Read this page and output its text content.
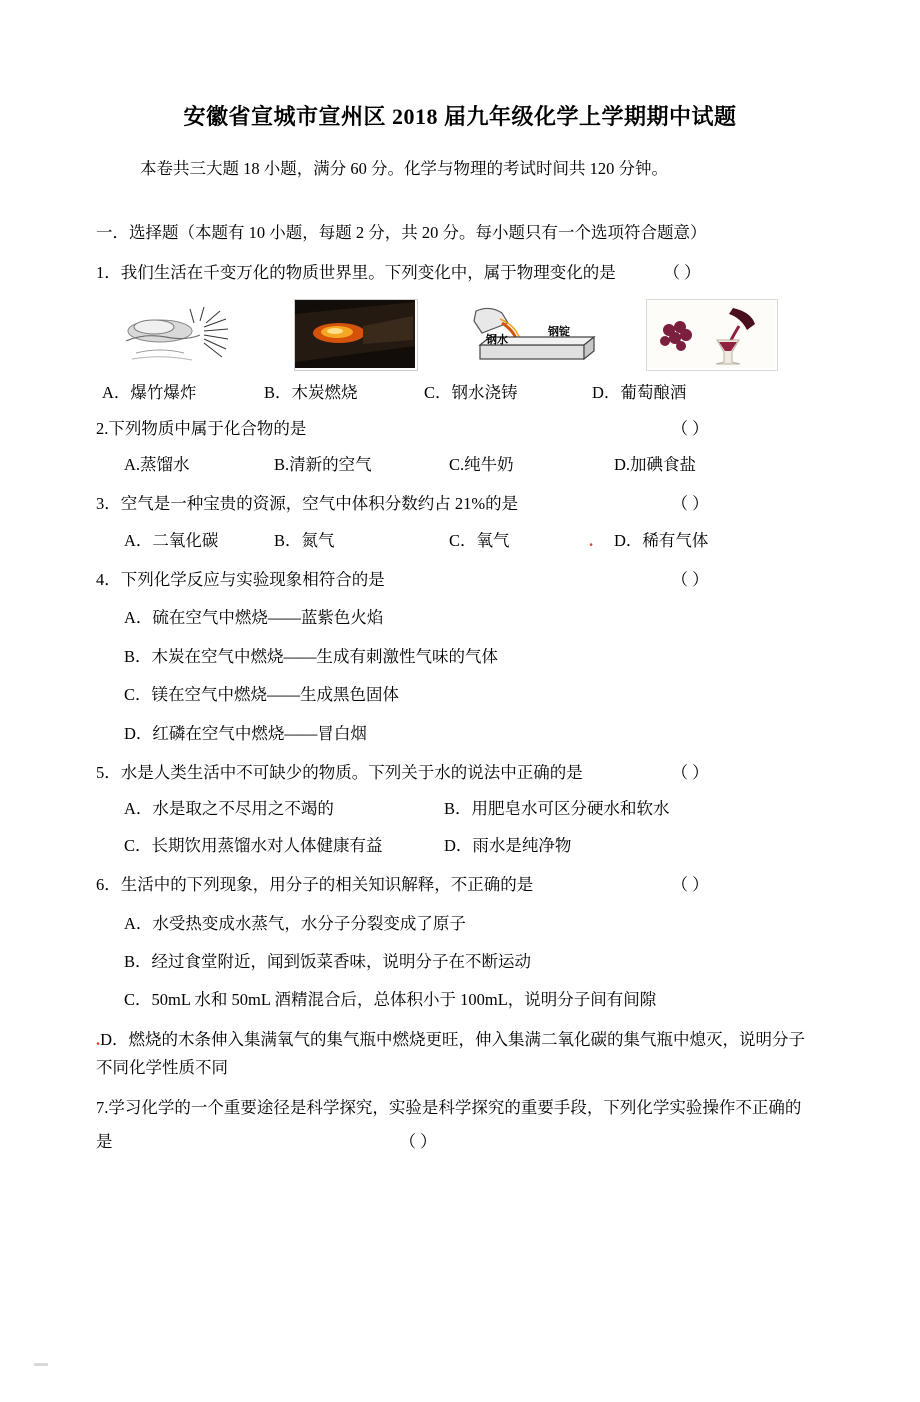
安徽省宣城市宣州区 2018 届九年级化学上学期期中试题
本卷共三大题 18 小题，满分 60 分。化学与物理的考试时间共 120 分钟。
一．选择题（本题有 10 小题，每题 2 分，共 20 分。每小题只有一个选项符合题意）
1．我们生活在千变万化的物质世界里。下列变化中，属于物理变化的是	（ ）
钢水
钢锭
A．爆竹爆炸	B．木炭燃烧	C．钢水浇铸	D．葡萄酿酒
2.下列物质中属于化合物的是	（ ）
A.蒸馏水	B.清新的空气	C.纯牛奶	D.加碘食盐
3．空气是一种宝贵的资源，空气中体积分数约占 21%的是	（ ）
A．二氧化碳	B．氮气	C．氧气	.	D．稀有气体
4．下列化学反应与实验现象相符合的是	（ ）
A．硫在空气中燃烧——蓝紫色火焰
B．木炭在空气中燃烧——生成有刺激性气味的气体
C．镁在空气中燃烧——生成黑色固体
D．红磷在空气中燃烧——冒白烟
5．水是人类生活中不可缺少的物质。下列关于水的说法中正确的是	（ ）
A．水是取之不尽用之不竭的	B．用肥皂水可区分硬水和软水
C．长期饮用蒸馏水对人体健康有益	D．雨水是纯净物
6．生活中的下列现象，用分子的相关知识解释，不正确的是	（ ）
A．水受热变成水蒸气，水分子分裂变成了原子
B．经过食堂附近，闻到饭菜香味，说明分子在不断运动
C．50mL 水和 50mL 酒精混合后，总体积小于 100mL，说明分子间有间隙
.D．燃烧的木条伸入集满氧气的集气瓶中燃烧更旺，伸入集满二氧化碳的集气瓶中熄灭，说明分子
不同化学性质不同
7.学习化学的一个重要途径是科学探究，实验是科学探究的重要手段，下列化学实验操作不正确的
是	（ ）
